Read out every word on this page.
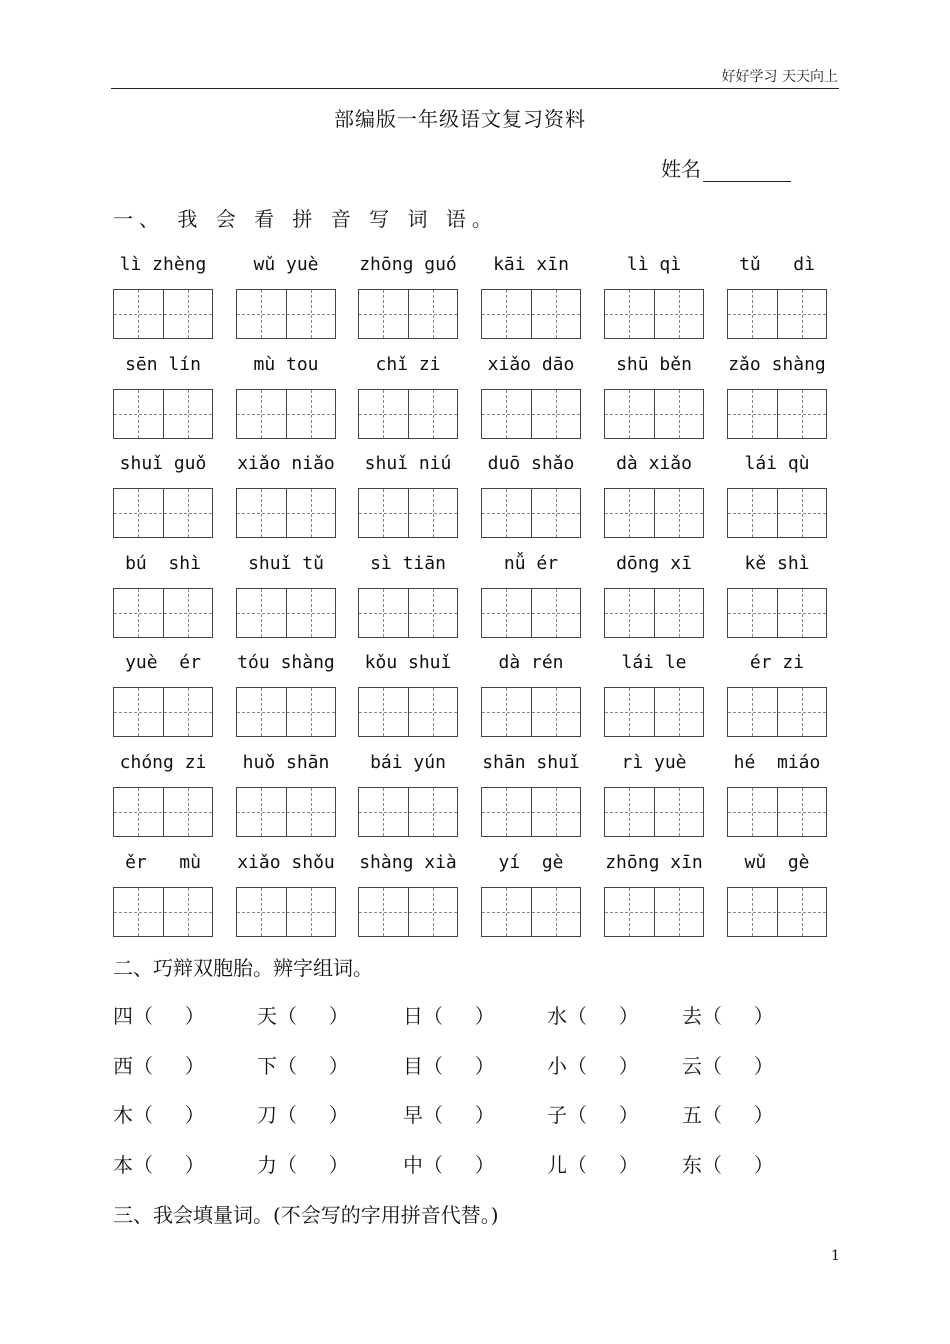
好好学习 天天向上
部编版一年级语文复习资料
姓名
一、 我 会 看 拼 音 写 词 语。
lì zhèng	wǔ yuè	zhōng guó	kāi xīn	lì qì	tǔ   dì
sēn lín	mù tou	chǐ zi	xiǎo dāo	shū běn	zǎo shàng
shuǐ guǒ	xiǎo niǎo	shuǐ niú	duō shǎo	dà xiǎo	lái qù
bú  shì	shuǐ tǔ	sì tiān	nǚ ér	dōng xī	kě shì
yuè  ér	tóu shàng	kǒu shuǐ	dà rén	lái le	ér zi
chóng zi	huǒ shān	bái yún	shān shuǐ	rì yuè	hé  miáo
ěr   mù	xiǎo shǒu	shàng xià	yí  gè	zhōng xīn	wǔ  gè
二、巧辩双胞胎。辨字组词。
四（     ）	天（     ）	日（     ）	水（     ） 去（     ）
西（     ）	下（     ）	目（     ）	小（     ） 云（     ）
木（     ）	刀（     ）	早（     ）	子（     ） 五（     ）
本（     ）	力（     ）	中（     ）	儿（     ） 东（     ）
三、我会填量词。(不会写的字用拼音代替。)
1
